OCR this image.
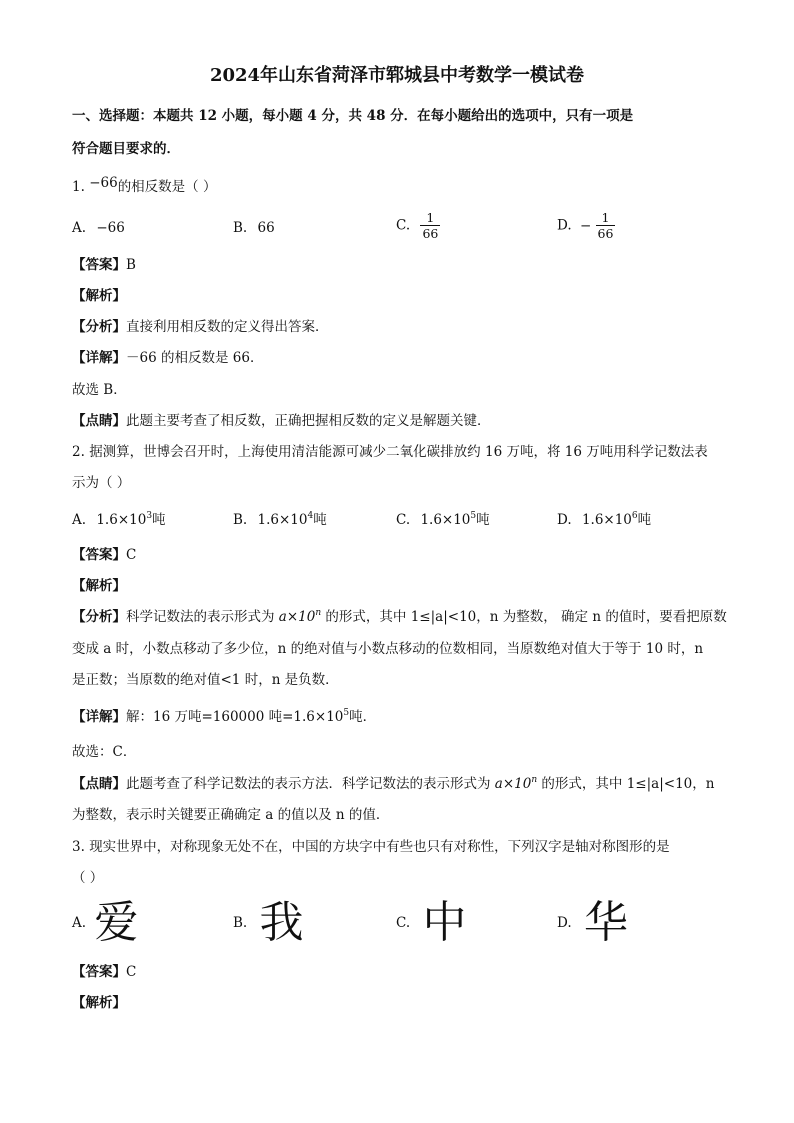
2024年山东省菏泽市郓城县中考数学一模试卷
一、选择题：本题共 12 小题，每小题 4 分，共 48 分．在每小题给出的选项中，只有一项是
符合题目要求的．
1. −66的相反数是（ ）
A. −66	B. 66	C. $\frac{1}{66}$	D. − $\frac{1}{66}$
【答案】B
【解析】
【分析】直接利用相反数的定义得出答案．
【详解】－66 的相反数是 66．
故选 B．
【点睛】此题主要考查了相反数，正确把握相反数的定义是解题关键．
2. 据测算，世博会召开时，上海使用清洁能源可减少二氧化碳排放约 16 万吨，将 16 万吨用科学记数法表
示为（ ）
A. $1.6\times 10^3$吨	B. $1.6\times 10^4$吨	C. $1.6\times 10^5$吨	D. $1.6\times 10^6$吨
【答案】C
【解析】
【分析】科学记数法的表示形式为 $a\times 10^n$ 的形式，其中 1≤|a|<10，n 为整数， 确定 n 的值时，要看把原数
变成 a 时，小数点移动了多少位，n 的绝对值与小数点移动的位数相同，当原数绝对值大于等于 10 时，n
是正数；当原数的绝对值<1 时，n 是负数．
【详解】解：16 万吨=160000 吨$=1.6\times 10^5$吨．
故选：C．
【点睛】此题考查了科学记数法的表示方法．科学记数法的表示形式为 $a\times 10^n$ 的形式，其中 1≤|a|<10，n
为整数，表示时关键要正确确定 a 的值以及 n 的值．
3. 现实世界中，对称现象无处不在，中国的方块字中有些也只有对称性，下列汉字是轴对称图形的是
（ ）
A. 爱	B. 我	C. 中	D. 华
【答案】C
【解析】
